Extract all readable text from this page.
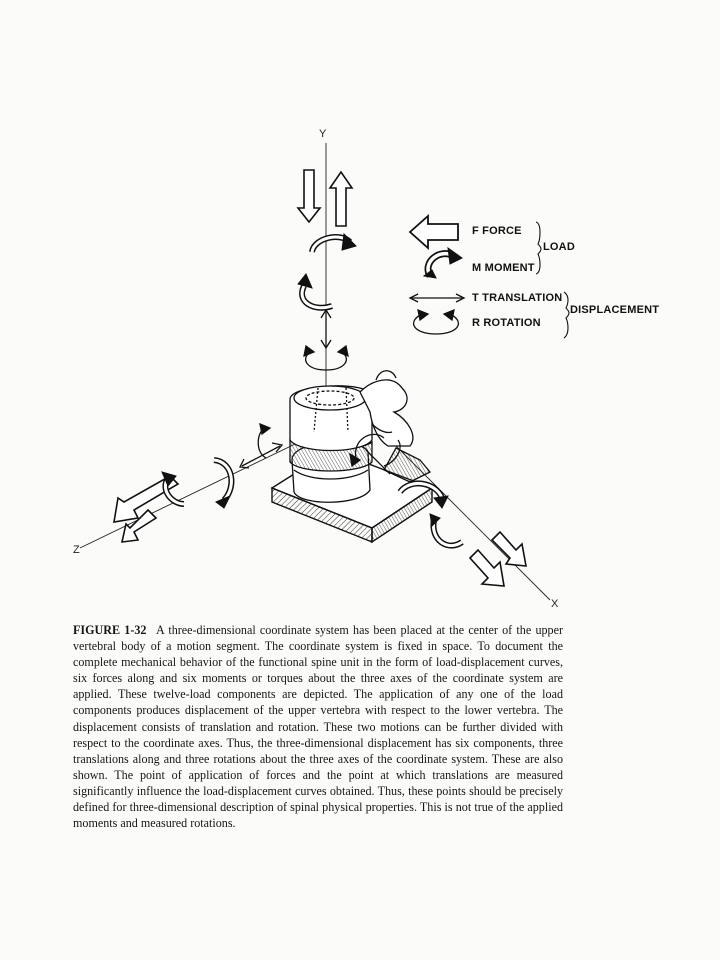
Y
X
Z
F FORCE
M MOMENT
T TRANSLATION
R ROTATION
LOAD
DISPLACEMENT
FIGURE 1-32 A three-dimensional coordinate system has been placed at the center of the upper vertebral body of a motion segment. The coordinate system is fixed in space. To document the complete mechanical behavior of the functional spine unit in the form of load-displacement curves, six forces along and six moments or torques about the three axes of the coordinate system are applied. These twelve-load components are depicted. The application of any one of the load components produces displacement of the upper vertebra with respect to the lower vertebra. The displacement consists of translation and rotation. These two motions can be further divided with respect to the coordinate axes. Thus, the three-dimensional displacement has six components, three translations along and three rotations about the three axes of the coordinate system. These are also shown. The point of application of forces and the point at which translations are measured significantly influence the load-displacement curves obtained. Thus, these points should be precisely defined for three-dimensional description of spinal physical properties. This is not true of the applied moments and measured rotations.
